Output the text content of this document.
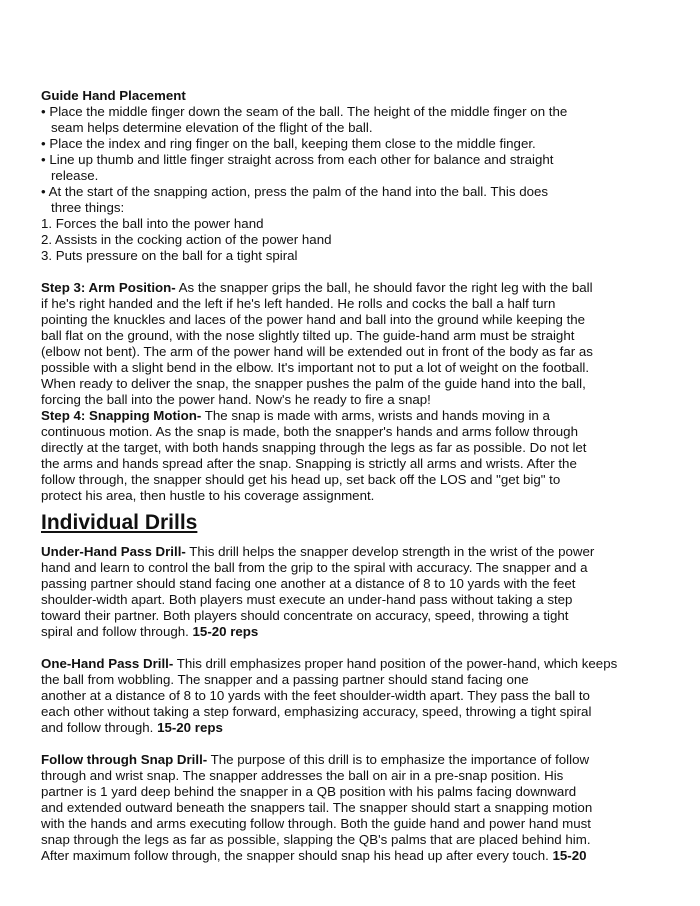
Guide Hand Placement
• Place the middle finger down the seam of the ball. The height of the middle finger on the
seam helps determine elevation of the flight of the ball.
• Place the index and ring finger on the ball, keeping them close to the middle finger.
• Line up thumb and little finger straight across from each other for balance and straight
release.
• At the start of the snapping action, press the palm of the hand into the ball. This does
three things:
1. Forces the ball into the power hand
2. Assists in the cocking action of the power hand
3. Puts pressure on the ball for a tight spiral
Step 3: Arm Position- As the snapper grips the ball, he should favor the right leg with the ball
if he's right handed and the left if he's left handed. He rolls and cocks the ball a half turn
pointing the knuckles and laces of the power hand and ball into the ground while keeping the
ball flat on the ground, with the nose slightly tilted up. The guide-hand arm must be straight
(elbow not bent). The arm of the power hand will be extended out in front of the body as far as
possible with a slight bend in the elbow. It's important not to put a lot of weight on the football.
When ready to deliver the snap, the snapper pushes the palm of the guide hand into the ball,
forcing the ball into the power hand. Now's he ready to fire a snap!
Step 4: Snapping Motion- The snap is made with arms, wrists and hands moving in a
continuous motion. As the snap is made, both the snapper's hands and arms follow through
directly at the target, with both hands snapping through the legs as far as possible. Do not let
the arms and hands spread after the snap. Snapping is strictly all arms and wrists. After the
follow through, the snapper should get his head up, set back off the LOS and "get big" to
protect his area, then hustle to his coverage assignment.
Individual Drills
Under-Hand Pass Drill- This drill helps the snapper develop strength in the wrist of the power
hand and learn to control the ball from the grip to the spiral with accuracy. The snapper and a
passing partner should stand facing one another at a distance of 8 to 10 yards with the feet
shoulder-width apart. Both players must execute an under-hand pass without taking a step
toward their partner. Both players should concentrate on accuracy, speed, throwing a tight
spiral and follow through. 15-20 reps
One-Hand Pass Drill- This drill emphasizes proper hand position of the power-hand, which keeps
the ball from wobbling. The snapper and a passing partner should stand facing one
another at a distance of 8 to 10 yards with the feet shoulder-width apart. They pass the ball to
each other without taking a step forward, emphasizing accuracy, speed, throwing a tight spiral
and follow through. 15-20 reps
Follow through Snap Drill- The purpose of this drill is to emphasize the importance of follow
through and wrist snap. The snapper addresses the ball on air in a pre-snap position. His
partner is 1 yard deep behind the snapper in a QB position with his palms facing downward
and extended outward beneath the snappers tail. The snapper should start a snapping motion
with the hands and arms executing follow through. Both the guide hand and power hand must
snap through the legs as far as possible, slapping the QB's palms that are placed behind him.
After maximum follow through, the snapper should snap his head up after every touch. 15-20
